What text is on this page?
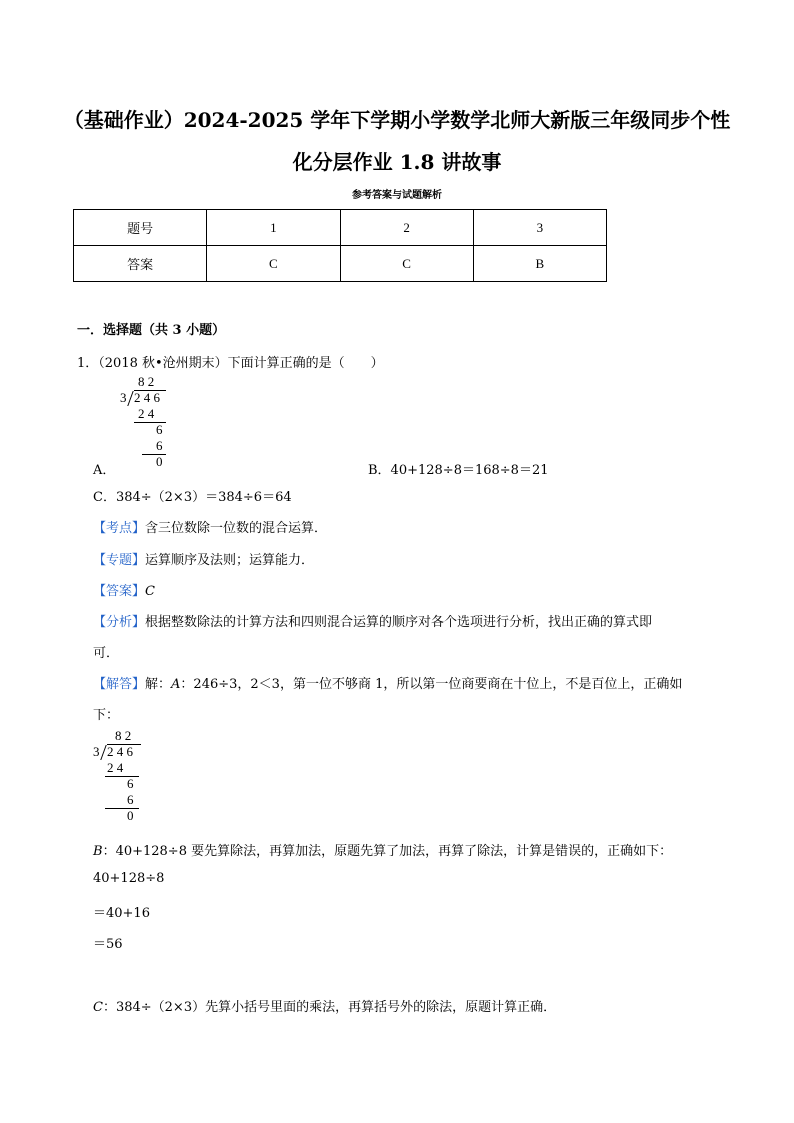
（基础作业）2024-2025 学年下学期小学数学北师大新版三年级同步个性
化分层作业 1.8 讲故事
参考答案与试题解析
题号	1	2	3
答案	C	C	B
一．选择题（共 3 小题）
1．（2018 秋•沧州期末）下面计算正确的是（　　）
8 2
3 2 4 6
2 4
6
6
0
A．	B．40+128÷8＝168÷8＝21
C．384÷（2×3）＝384÷6＝64
【考点】含三位数除一位数的混合运算．
【专题】运算顺序及法则；运算能力．
【答案】C
【分析】根据整数除法的计算方法和四则混合运算的顺序对各个选项进行分析，找出正确的算式即
可．
【解答】解：A：246÷3，2＜3，第一位不够商 1，所以第一位商要商在十位上，不是百位上，正确如
下：
8 2
3 2 4 6
2 4
6
6
0
B：40+128÷8 要先算除法，再算加法，原题先算了加法，再算了除法，计算是错误的，正确如下：
40+128÷8
＝40+16
＝56
C：384÷（2×3）先算小括号里面的乘法，再算括号外的除法，原题计算正确．
